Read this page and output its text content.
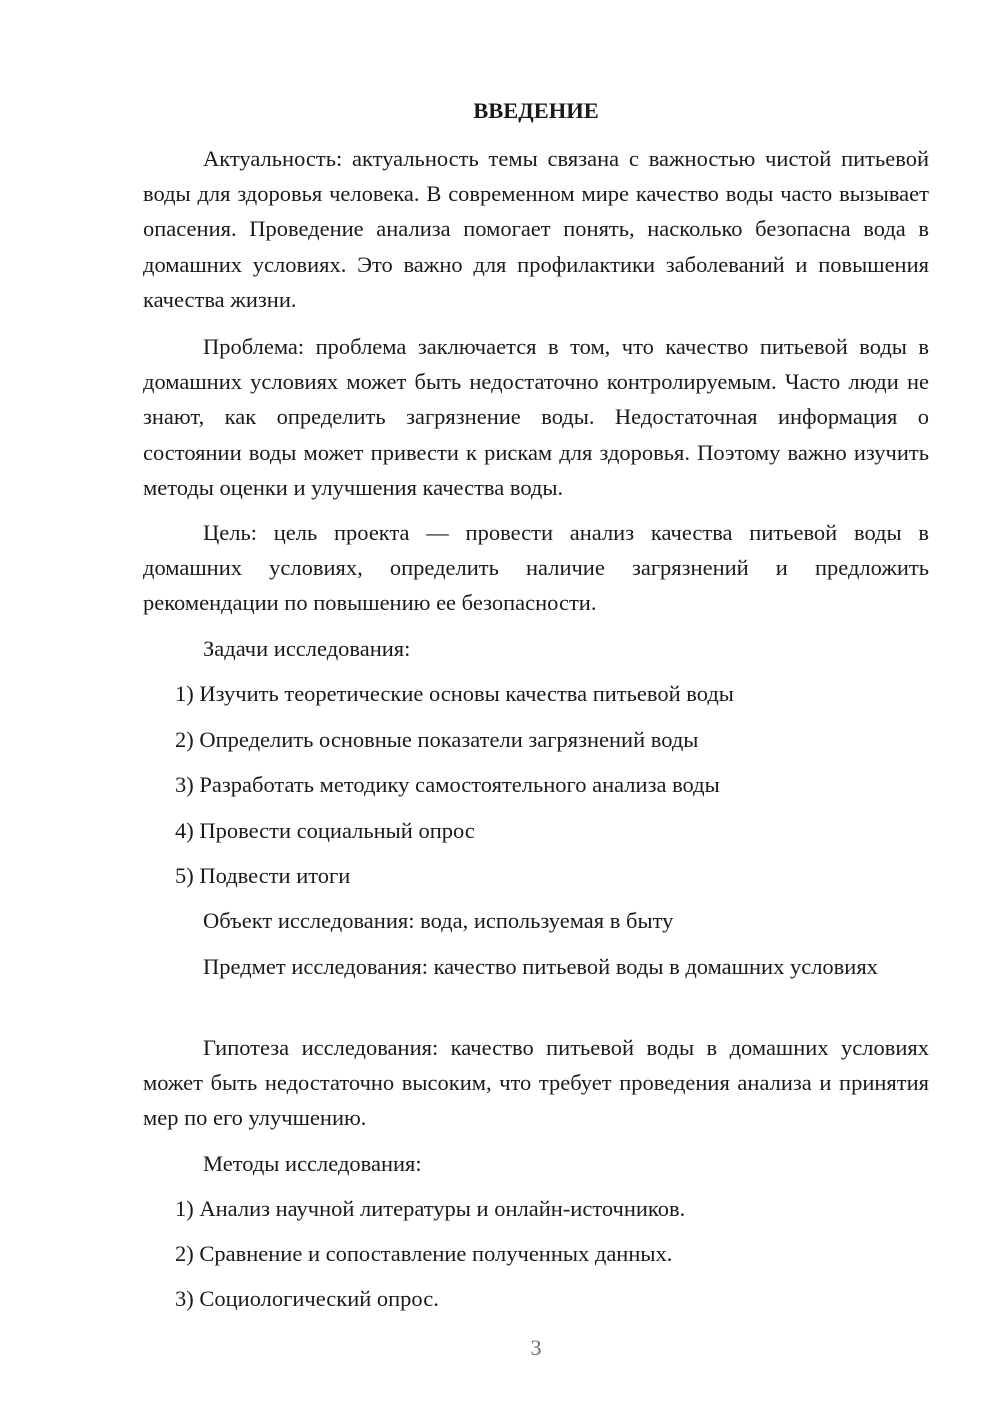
ВВЕДЕНИЕ

Актуальность: актуальность темы связана с важностью чистой питьевой воды для здоровья человека. В современном мире качество воды часто вызывает опасения. Проведение анализа помогает понять, насколько безопасна вода в домашних условиях. Это важно для профилактики заболеваний и повышения качества жизни.

Проблема: проблема заключается в том, что качество питьевой воды в домашних условиях может быть недостаточно контролируемым. Часто люди не знают, как определить загрязнение воды. Недостаточная информация о состоянии воды может привести к рискам для здоровья. Поэтому важно изучить методы оценки и улучшения качества воды.

Цель: цель проекта — провести анализ качества питьевой воды в домашних условиях, определить наличие загрязнений и предложить рекомендации по повышению ее безопасности.

Задачи исследования:

1) Изучить теоретические основы качества питьевой воды

2) Определить основные показатели загрязнений воды

3) Разработать методику самостоятельного анализа воды

4) Провести социальный опрос

5) Подвести итоги

Объект исследования: вода, используемая в быту

Предмет исследования: качество питьевой воды в домашних условиях

Гипотеза исследования: качество питьевой воды в домашних условиях может быть недостаточно высоким, что требует проведения анализа и принятия мер по его улучшению.

Методы исследования:

1) Анализ научной литературы и онлайн-источников.

2) Сравнение и сопоставление полученных данных.

3) Социологический опрос.

3
